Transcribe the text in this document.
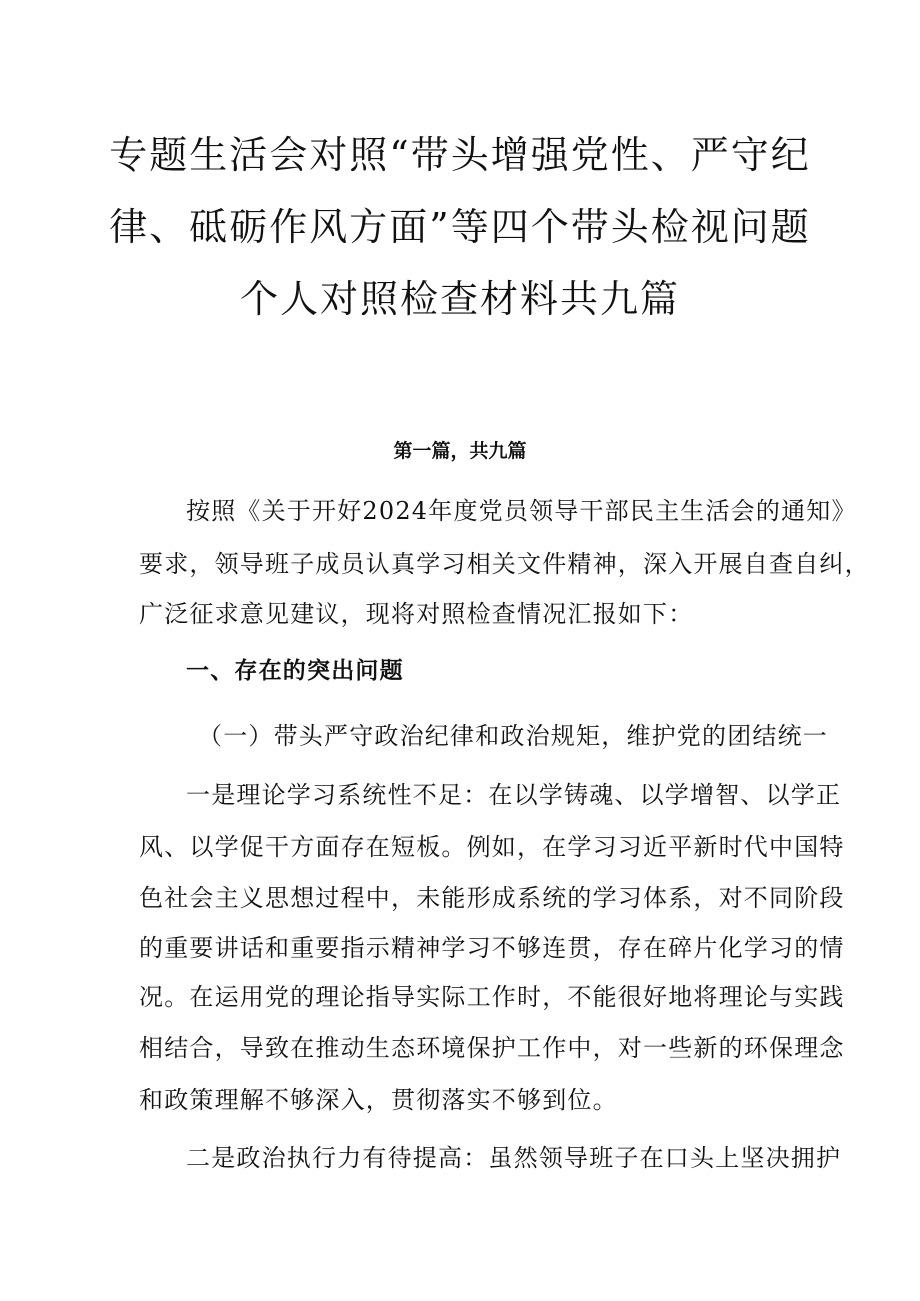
专题生活会对照“带头增强党性、严守纪
律、砥砺作风方面”等四个带头检视问题
个人对照检查材料共九篇

第一篇，共九篇

按照《关于开好2024年度党员领导干部民主生活会的通知》

要求，领导班子成员认真学习相关文件精神，深入开展自查自纠，

广泛征求意见建议，现将对照检查情况汇报如下：

一、存在的突出问题

（一）带头严守政治纪律和政治规矩，维护党的团结统一

一是理论学习系统性不足：在以学铸魂、以学增智、以学正

风、以学促干方面存在短板。例如，在学习习近平新时代中国特

色社会主义思想过程中，未能形成系统的学习体系，对不同阶段

的重要讲话和重要指示精神学习不够连贯，存在碎片化学习的情

况。在运用党的理论指导实际工作时，不能很好地将理论与实践

相结合，导致在推动生态环境保护工作中，对一些新的环保理念

和政策理解不够深入，贯彻落实不够到位。

二是政治执行力有待提高：虽然领导班子在口头上坚决拥护
